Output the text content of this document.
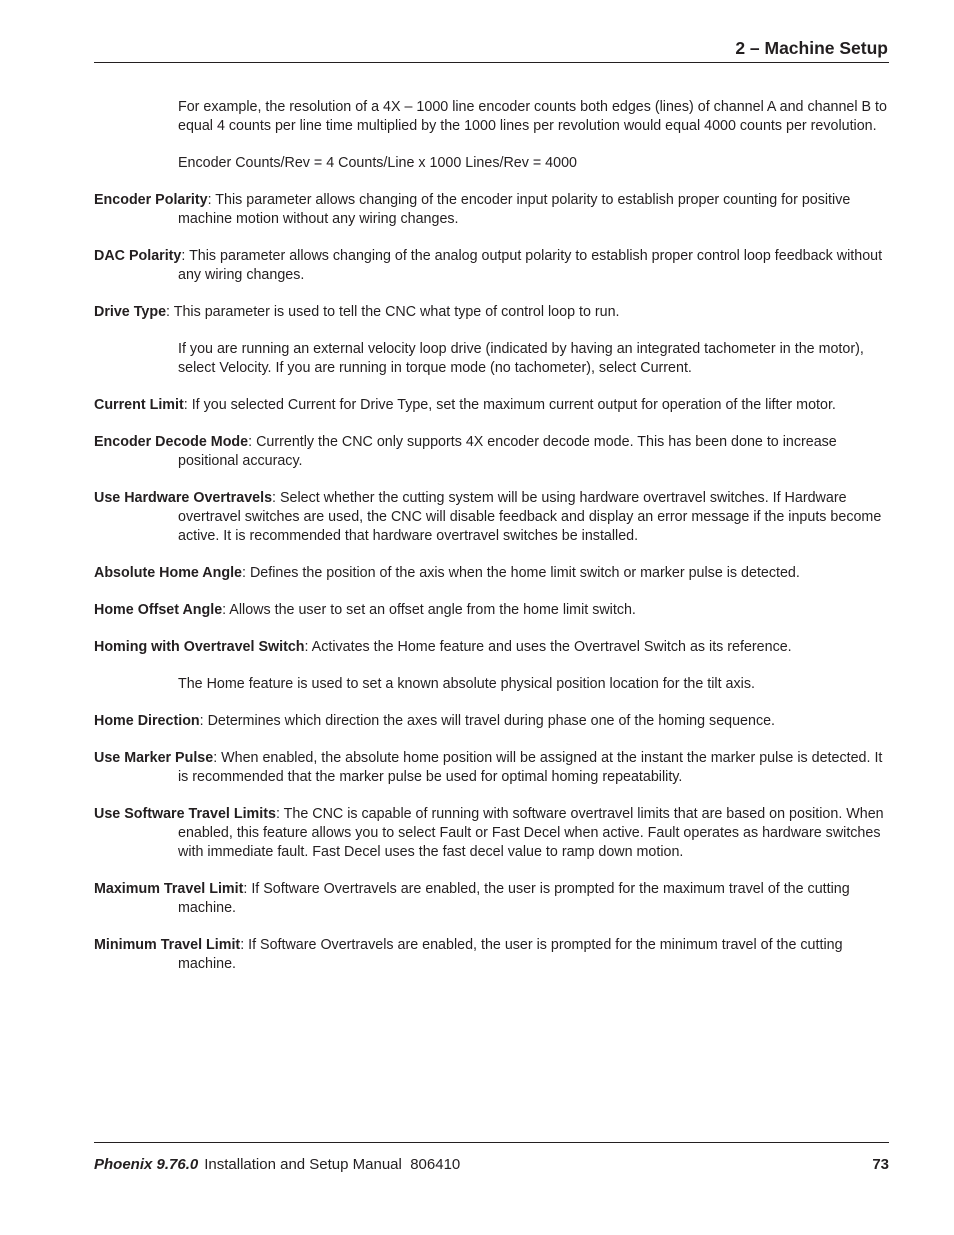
2 – Machine Setup

For example, the resolution of a 4X – 1000 line encoder counts both edges (lines) of channel A and channel B to equal 4 counts per line time multiplied by the 1000 lines per revolution would equal 4000 counts per revolution.

Encoder Counts/Rev = 4 Counts/Line x 1000 Lines/Rev = 4000

Encoder Polarity: This parameter allows changing of the encoder input polarity to establish proper counting for positive machine motion without any wiring changes.

DAC Polarity: This parameter allows changing of the analog output polarity to establish proper control loop feedback without any wiring changes.

Drive Type: This parameter is used to tell the CNC what type of control loop to run.

If you are running an external velocity loop drive (indicated by having an integrated tachometer in the motor), select Velocity. If you are running in torque mode (no tachometer), select Current.

Current Limit: If you selected Current for Drive Type, set the maximum current output for operation of the lifter motor.

Encoder Decode Mode: Currently the CNC only supports 4X encoder decode mode. This has been done to increase positional accuracy.

Use Hardware Overtravels: Select whether the cutting system will be using hardware overtravel switches. If Hardware overtravel switches are used, the CNC will disable feedback and display an error message if the inputs become active. It is recommended that hardware overtravel switches be installed.

Absolute Home Angle: Defines the position of the axis when the home limit switch or marker pulse is detected.

Home Offset Angle: Allows the user to set an offset angle from the home limit switch.

Homing with Overtravel Switch: Activates the Home feature and uses the Overtravel Switch as its reference.

The Home feature is used to set a known absolute physical position location for the tilt axis.

Home Direction: Determines which direction the axes will travel during phase one of the homing sequence.

Use Marker Pulse: When enabled, the absolute home position will be assigned at the instant the marker pulse is detected. It is recommended that the marker pulse be used for optimal homing repeatability.

Use Software Travel Limits: The CNC is capable of running with software overtravel limits that are based on position. When enabled, this feature allows you to select Fault or Fast Decel when active. Fault operates as hardware switches with immediate fault. Fast Decel uses the fast decel value to ramp down motion.

Maximum Travel Limit: If Software Overtravels are enabled, the user is prompted for the maximum travel of the cutting machine.

Minimum Travel Limit: If Software Overtravels are enabled, the user is prompted for the minimum travel of the cutting machine.

Phoenix 9.76.0 Installation and Setup Manual 806410	73
